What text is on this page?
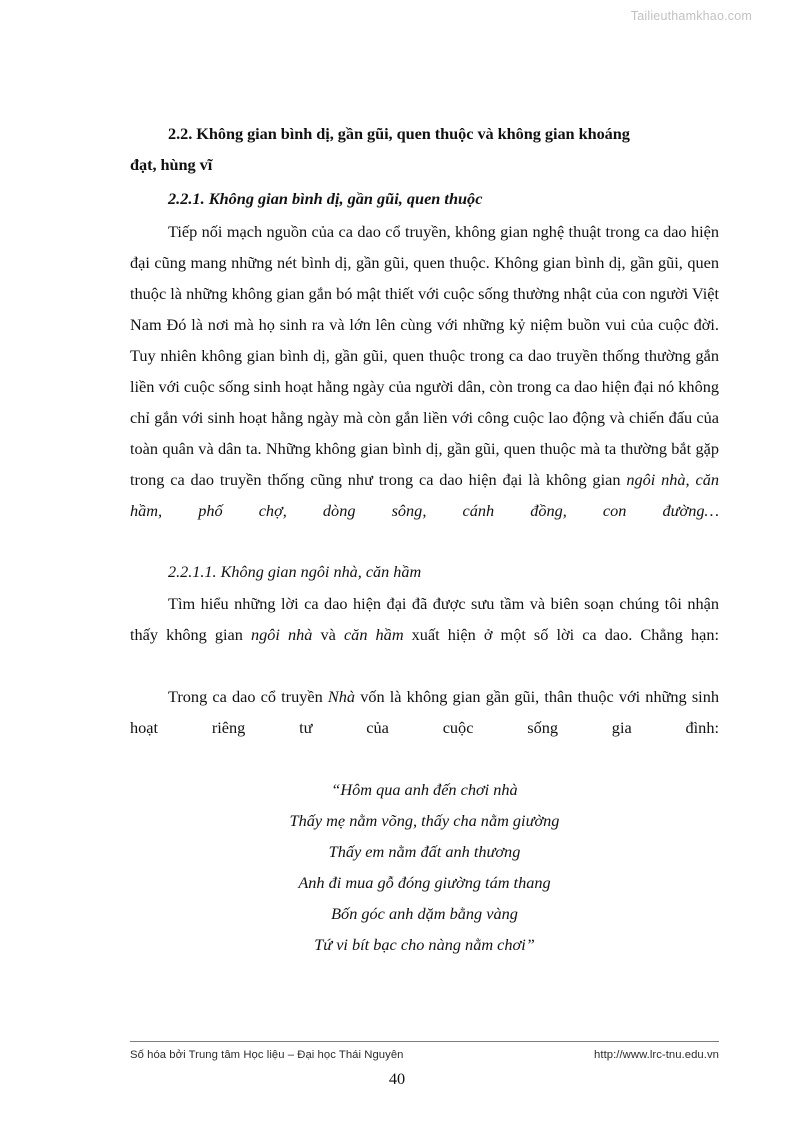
Tailieuthamkhao.com
2.2. Không gian bình dị, gần gũi, quen thuộc và không gian khoáng
đạt, hùng vĩ
2.2.1. Không gian bình dị, gần gũi, quen thuộc

Tiếp nối mạch nguồn của ca dao cổ truyền, không gian nghệ thuật trong ca dao hiện đại cũng mang những nét bình dị, gần gũi, quen thuộc. Không gian bình dị, gần gũi, quen thuộc là những không gian gắn bó mật thiết với cuộc sống thường nhật của con người Việt Nam Đó là nơi mà họ sinh ra và lớn lên cùng với những kỷ niệm buồn vui của cuộc đời. Tuy nhiên không gian bình dị, gần gũi, quen thuộc trong ca dao truyền thống thường gắn liền với cuộc sống sinh hoạt hằng ngày của người dân, còn trong ca dao hiện đại nó không chỉ gắn với sinh hoạt hằng ngày mà còn gắn liền với công cuộc lao động và chiến đấu của toàn quân và dân ta. Những không gian bình dị, gần gũi, quen thuộc mà ta thường bắt gặp trong ca dao truyền thống cũng như trong ca dao hiện đại là không gian ngôi nhà, căn hầm, phố chợ, dòng sông, cánh đồng, con đường…

2.2.1.1. Không gian ngôi nhà, căn hầm

Tìm hiểu những lời ca dao hiện đại đã được sưu tầm và biên soạn chúng tôi nhận thấy không gian ngôi nhà và căn hầm xuất hiện ở một số lời ca dao. Chẳng hạn:

Trong ca dao cổ truyền Nhà vốn là không gian gần gũi, thân thuộc với những sinh hoạt riêng tư của cuộc sống gia đình:

“Hôm qua anh đến chơi nhà
Thấy mẹ nằm võng, thấy cha nằm giường
Thấy em nằm đất anh thương
Anh đi mua gỗ đóng giường tám thang
Bốn góc anh dặm bằng vàng
Tứ vi bít bạc cho nàng nằm chơi”
Số hóa bởi Trung tâm Học liệu – Đại học Thái Nguyên	http://www.lrc-tnu.edu.vn
40
